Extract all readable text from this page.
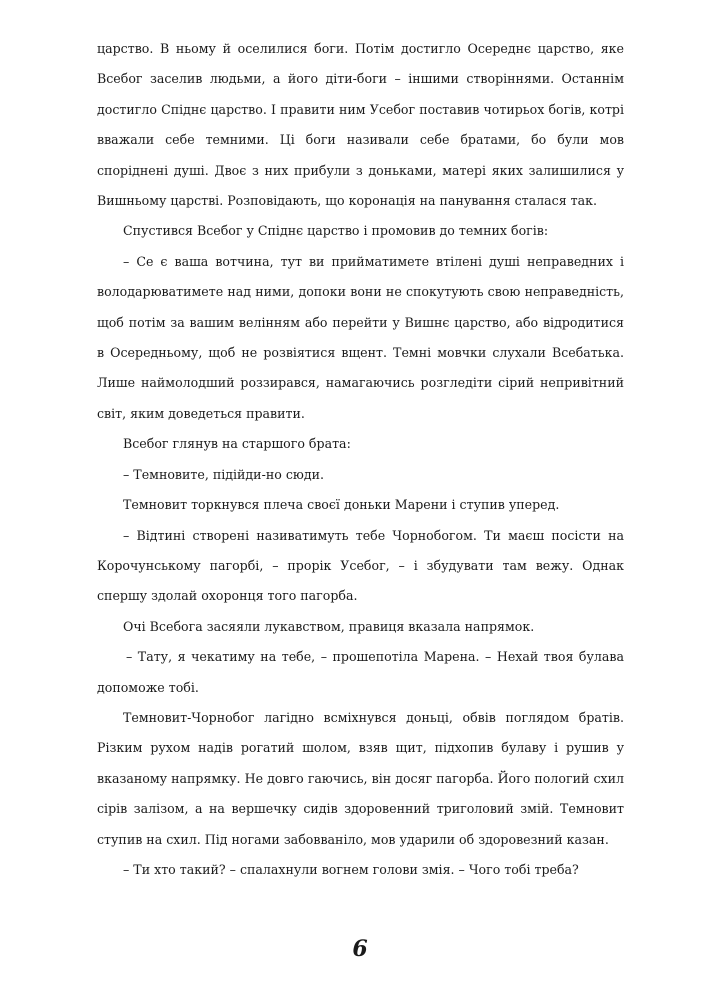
царство. В ньому й оселилися боги. Потім достигло Осереднє царство, яке Всебог заселив людьми, а його діти-боги – іншими створіннями. Останнім достигло Спіднє царство. І правити ним Усебог поставив чотирьох богів, котрі вважали себе темними. Ці боги називали себе братами, бо були мов споріднені душі. Двоє з них прибули з доньками, матері яких залишилися у Вишньому царстві. Розповідають, що коронація на панування сталася так.

Спустився Всебог у Спіднє царство і промовив до темних богів:

– Се є ваша вотчина, тут ви прийматимете втілені душі неправедних і володарюватимете над ними, допоки вони не спокутують свою неправедність, щоб потім за вашим велінням або перейти у Вишнє царство, або відродитися в Осередньому, щоб не розвіятися вщент. Темні мовчки слухали Всебатька. Лише наймолодший роззирався, намагаючись розгледіти сірий непривітний світ, яким доведеться правити.

Всебог глянув на старшого брата:

– Темновите, підійди-но сюди.

Темновит торкнувся плеча своєї доньки Марени і ступив уперед.

– Відтині створені називатимуть тебе Чорнобогом. Ти маєш посісти на Корочунському пагорбі, – прорік Усебог, – і збудувати там вежу. Однак спершу здолай охоронця того пагорба.

Очі Всебога засяяли лукавством, правиця вказала напрямок.

– Тату, я чекатиму на тебе, – прошепотіла Марена. – Нехай твоя булава допоможе тобі.

Темновит-Чорнобог лагідно всміхнувся доньці, обвів поглядом братів. Різким рухом надів рогатий шолом, взяв щит, підхопив булаву і рушив у вказаному напрямку. Не довго гаючись, він досяг пагорба. Його пологий схил сірів залізом, а на вершечку сидів здоровенний триголовий змій. Темновит ступив на схил. Під ногами забовваніло, мов ударили об здоровезний казан.

– Ти хто такий? – спалахнули вогнем голови змія. – Чого тобі треба?

6
